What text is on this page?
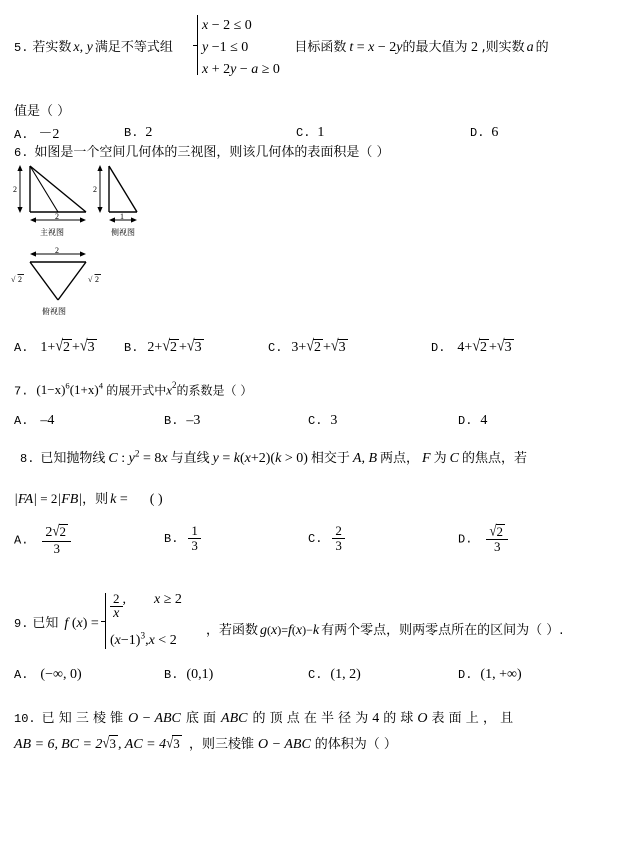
5. 若实数 x, y 满足不等式组
x − 2 ≤ 0
y −1 ≤ 0	目标函数 t = x − 2y的最大值为 2 ,则实数 a 的
x + 2y − a ≥ 0
值是（ ）
A. －2	B. 2	C. 1	D. 6
6. 如图是一个空间几何体的三视图，则该几何体的表面积是（ ）
2
2
主视图
2
1
侧视图
2
√ 2	√ 2
俯视图
A. 1+√2 +√3 B. 2+√2 +√3	C. 3+√2 +√3	D. 4+√2 +√3
7. $(1-x)^6(1+x)^4$ 的展开式中$x^2$的系数是（ ）
A. –4	B. –3	C. 3	D. 4
8. 已知抛物线 C : $y^2 = 8x$ 与直线 y = k(x+2)(k > 0) 相交于 A, B 两点， F 为 C 的焦点，若
|FA| = 2|FB|，则 k = ( )
A. $\frac{2√2}{3}$	B. $\frac{1}{3}$	C. $\frac{2}{3}$	D. $\frac{√2}{3}$
9. 已知 f (x) =
$\frac{2}{x}$ , x ≥ 2
$(x-1)^3,x < 2$
，若函数 g(x)=f(x)−k 有两个零点，则两零点所在的区间为（ ）.
A. (−∞, 0)	B. (0,1)	C. (1, 2)	D. (1, +∞)
10. 已 知 三 棱 锥 O − ABC 底 面 ABC 的 顶 点 在 半 径 为 4 的 球 O 表 面 上 ， 且
AB = 6, BC = 2√3 , AC = 4√3 ，则三棱锥 O − ABC 的体积为（ ）
